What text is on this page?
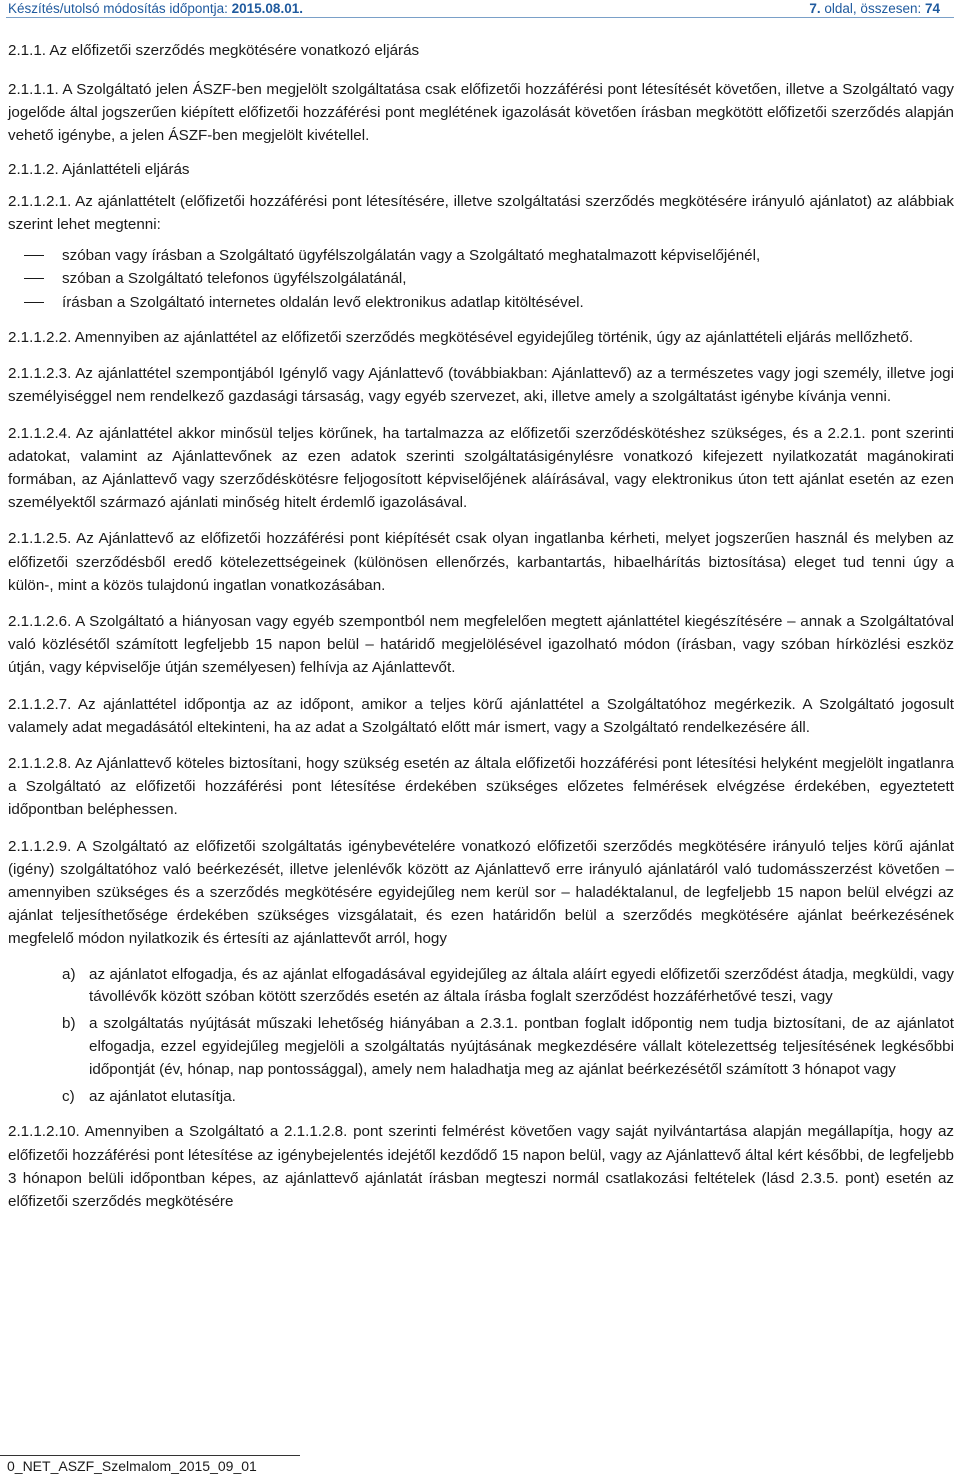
Készítés/utolsó módosítás időpontja: 2015.08.01.	7. oldal, összesen: 74
2.1.1. Az előfizetői szerződés megkötésére vonatkozó eljárás
2.1.1.1. A Szolgáltató jelen ÁSZF-ben megjelölt szolgáltatása csak előfizetői hozzáférési pont létesítését követően, illetve a Szolgáltató vagy jogelőde által jogszerűen kiépített előfizetői hozzáférési pont meglétének igazolását követően írásban megkötött előfizetői szerződés alapján vehető igénybe, a jelen ÁSZF-ben megjelölt kivétellel.
2.1.1.2. Ajánlattételi eljárás
2.1.1.2.1. Az ajánlattételt (előfizetői hozzáférési pont létesítésére, illetve szolgáltatási szerződés megkötésére irányuló ajánlatot) az alábbiak szerint lehet megtenni:
szóban vagy írásban a Szolgáltató ügyfélszolgálatán vagy a Szolgáltató meghatalmazott képviselőjénél,
szóban a Szolgáltató telefonos ügyfélszolgálatánál,
írásban a Szolgáltató internetes oldalán levő elektronikus adatlap kitöltésével.
2.1.1.2.2. Amennyiben az ajánlattétel az előfizetői szerződés megkötésével egyidejűleg történik, úgy az ajánlattételi eljárás mellőzhető.
2.1.1.2.3. Az ajánlattétel szempontjából Igénylő vagy Ajánlattevő (továbbiakban: Ajánlattevő) az a természetes vagy jogi személy, illetve jogi személyiséggel nem rendelkező gazdasági társaság, vagy egyéb szervezet, aki, illetve amely a szolgáltatást igénybe kívánja venni.
2.1.1.2.4. Az ajánlattétel akkor minősül teljes körűnek, ha tartalmazza az előfizetői szerződéskötéshez szükséges, és a 2.2.1. pont szerinti adatokat, valamint az Ajánlattevőnek az ezen adatok szerinti szolgáltatásigénylésre vonatkozó kifejezett nyilatkozatát magánokirati formában, az Ajánlattevő vagy szerződéskötésre feljogosított képviselőjének aláírásával, vagy elektronikus úton tett ajánlat esetén az ezen személyektől származó ajánlati minőség hitelt érdemlő igazolásával.
2.1.1.2.5. Az Ajánlattevő az előfizetői hozzáférési pont kiépítését csak olyan ingatlanba kérheti, melyet jogszerűen használ és melyben az előfizetői szerződésből eredő kötelezettségeinek (különösen ellenőrzés, karbantartás, hibaelhárítás biztosítása) eleget tud tenni úgy a külön-, mint a közös tulajdonú ingatlan vonatkozásában.
2.1.1.2.6. A Szolgáltató a hiányosan vagy egyéb szempontból nem megfelelően megtett ajánlattétel kiegészítésére – annak a Szolgáltatóval való közlésétől számított legfeljebb 15 napon belül – határidő megjelölésével igazolható módon (írásban, vagy szóban hírközlési eszköz útján, vagy képviselője útján személyesen) felhívja az Ajánlattevőt.
2.1.1.2.7. Az ajánlattétel időpontja az az időpont, amikor a teljes körű ajánlattétel a Szolgáltatóhoz megérkezik. A Szolgáltató jogosult valamely adat megadásától eltekinteni, ha az adat a Szolgáltató előtt már ismert, vagy a Szolgáltató rendelkezésére áll.
2.1.1.2.8. Az Ajánlattevő köteles biztosítani, hogy szükség esetén az általa előfizetői hozzáférési pont létesítési helyként megjelölt ingatlanra a Szolgáltató az előfizetői hozzáférési pont létesítése érdekében szükséges előzetes felmérések elvégzése érdekében, egyeztetett időpontban beléphessen.
2.1.1.2.9. A Szolgáltató az előfizetői szolgáltatás igénybevételére vonatkozó előfizetői szerződés megkötésére irányuló teljes körű ajánlat (igény) szolgáltatóhoz való beérkezését, illetve jelenlévők között az Ajánlattevő erre irányuló ajánlatáról való tudomásszerzést követően – amennyiben szükséges és a szerződés megkötésére egyidejűleg nem kerül sor – haladéktalanul, de legfeljebb 15 napon belül elvégzi az ajánlat teljesíthetősége érdekében szükséges vizsgálatait, és ezen határidőn belül a szerződés megkötésére ajánlat beérkezésének megfelelő módon nyilatkozik és értesíti az ajánlattevőt arról, hogy
a) az ajánlatot elfogadja, és az ajánlat elfogadásával egyidejűleg az általa aláírt egyedi előfizetői szerződést átadja, megküldi, vagy távollévők között szóban kötött szerződés esetén az általa írásba foglalt szerződést hozzáférhetővé teszi, vagy
b) a szolgáltatás nyújtását műszaki lehetőség hiányában a 2.3.1. pontban foglalt időpontig nem tudja biztosítani, de az ajánlatot elfogadja, ezzel egyidejűleg megjelöli a szolgáltatás nyújtásának megkezdésére vállalt kötelezettség teljesítésének legkésőbbi időpontját (év, hónap, nap pontossággal), amely nem haladhatja meg az ajánlat beérkezésétől számított 3 hónapot vagy
c) az ajánlatot elutasítja.
2.1.1.2.10. Amennyiben a Szolgáltató a 2.1.1.2.8. pont szerinti felmérést követően vagy saját nyilvántartása alapján megállapítja, hogy az előfizetői hozzáférési pont létesítése az igénybejelentés idejétől kezdődő 15 napon belül, vagy az Ajánlattevő által kért későbbi, de legfeljebb 3 hónapon belüli időpontban képes, az ajánlattevő ajánlatát írásban megteszi normál csatlakozási feltételek (lásd 2.3.5. pont) esetén az előfizetői szerződés megkötésére
0_NET_ASZF_Szelmalom_2015_09_01
